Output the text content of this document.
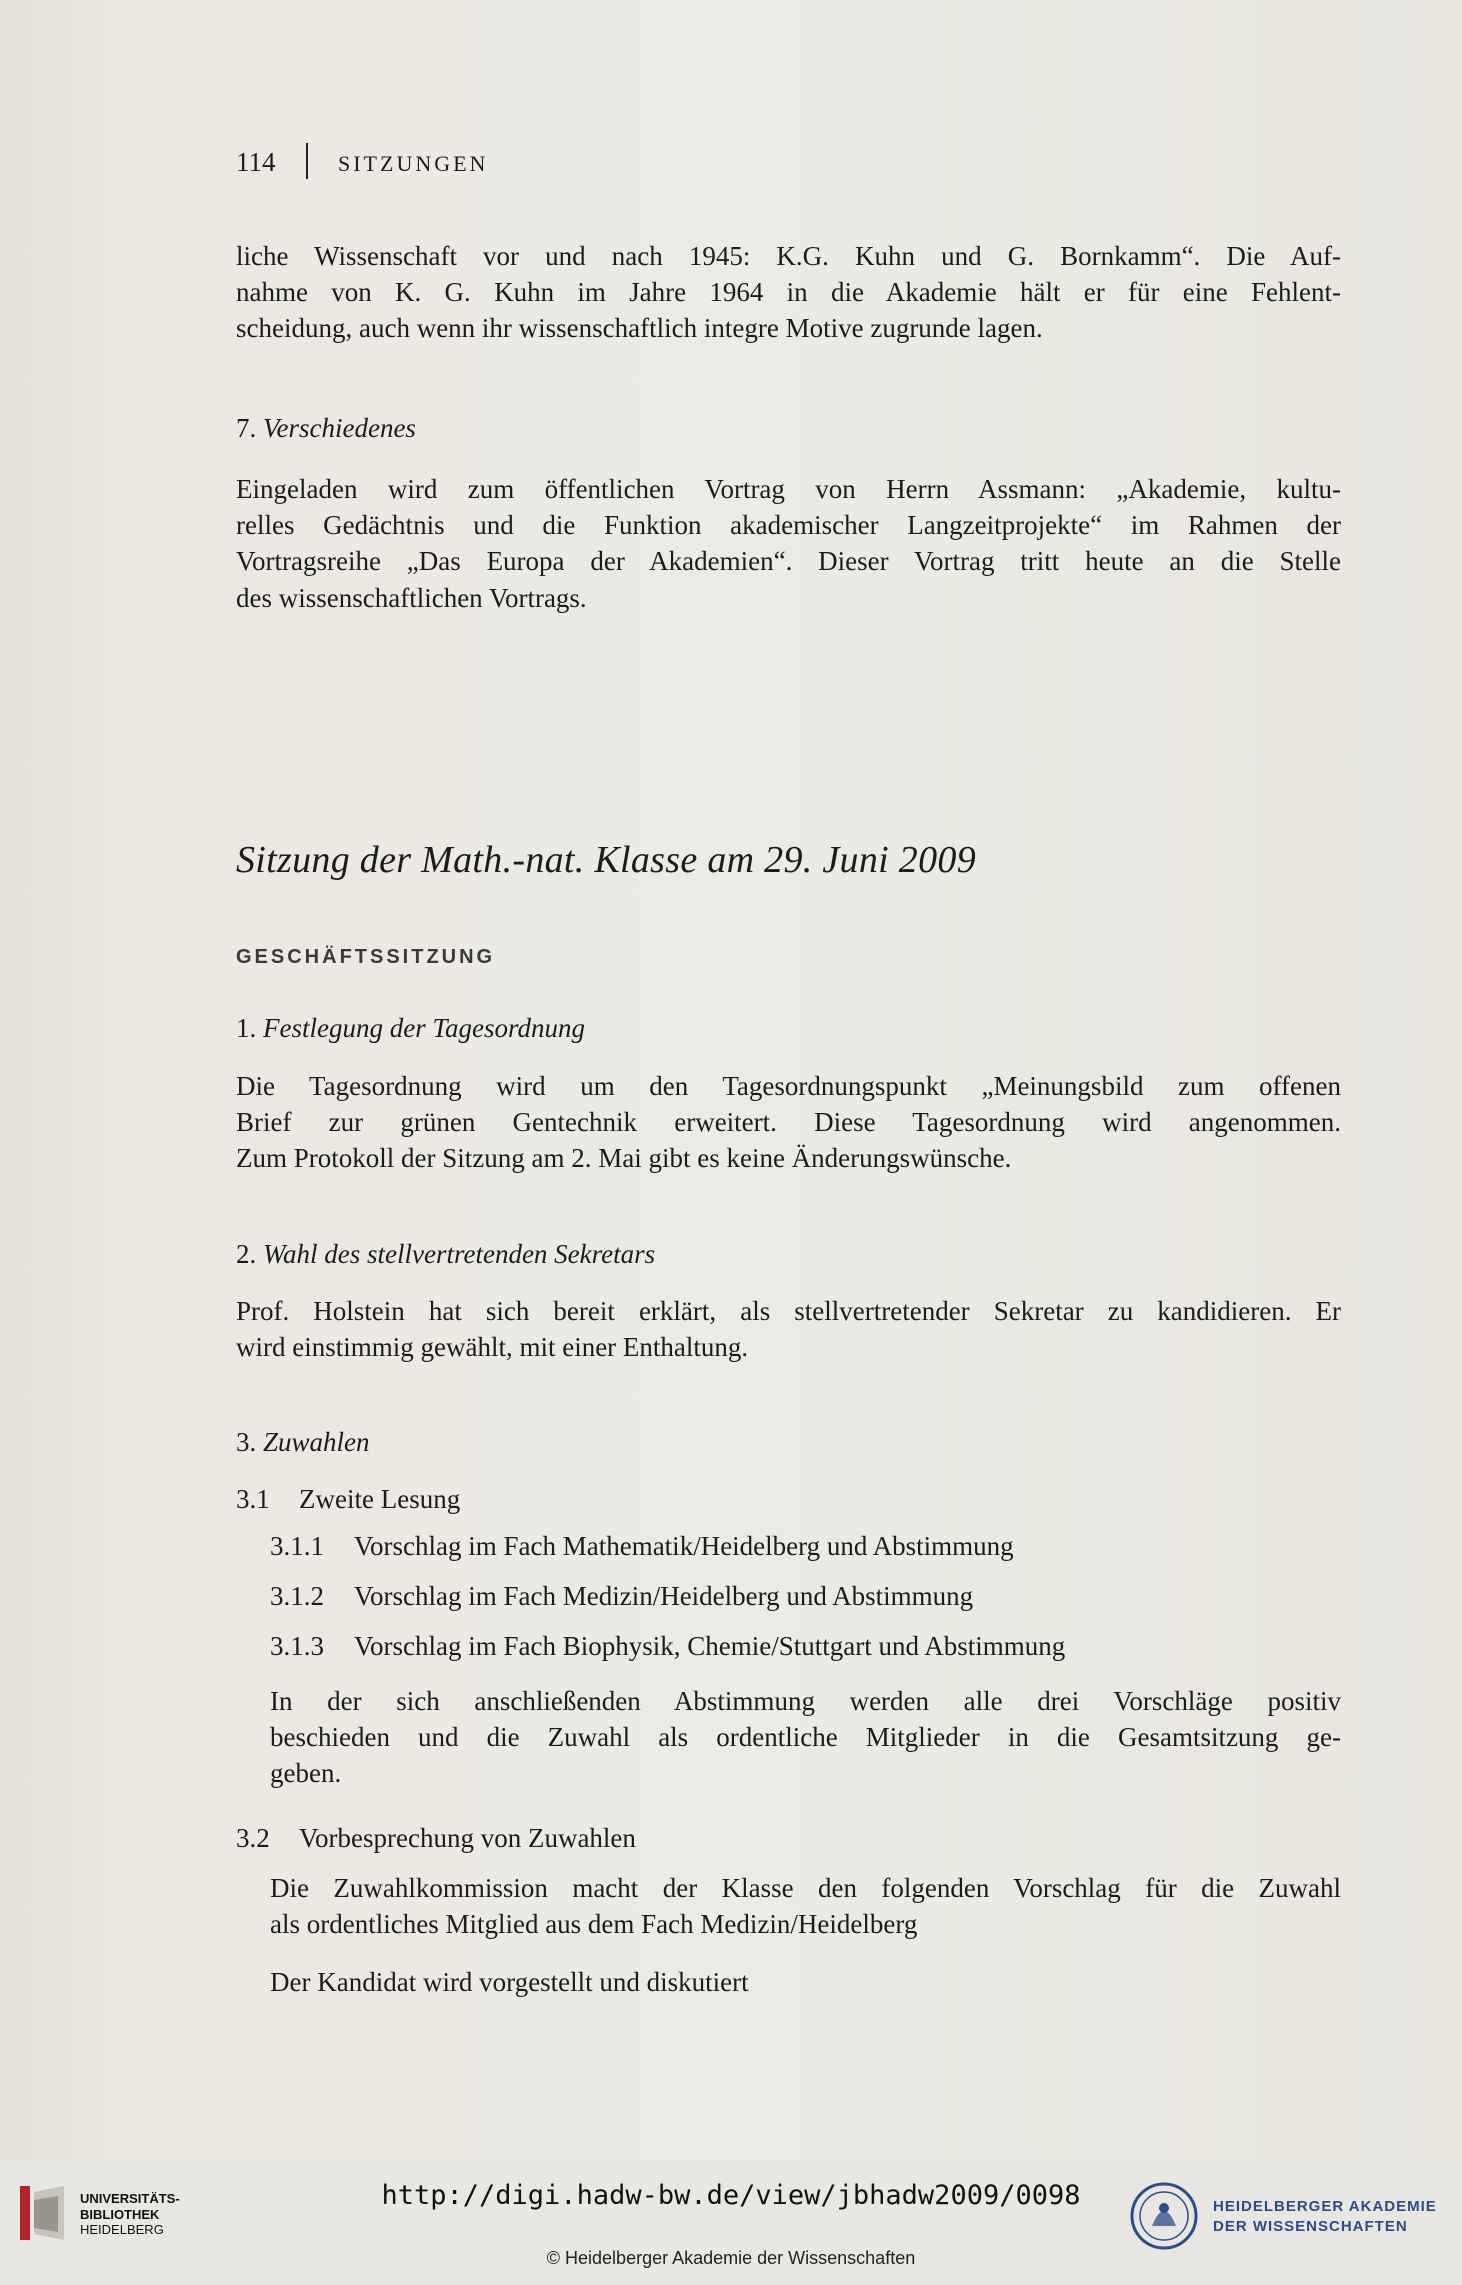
114	SITZUNGEN
liche Wissenschaft vor und nach 1945: K.G. Kuhn und G. Bornkamm“. Die Auf-
nahme von K. G. Kuhn im Jahre 1964 in die Akademie hält er für eine Fehlent-
scheidung, auch wenn ihr wissenschaftlich integre Motive zugrunde lagen.
7. Verschiedenes
Eingeladen wird zum öffentlichen Vortrag von Herrn Assmann: „Akademie, kultu-
relles Gedächtnis und die Funktion akademischer Langzeitprojekte“ im Rahmen der
Vortragsreihe „Das Europa der Akademien“. Dieser Vortrag tritt heute an die Stelle
des wissenschaftlichen Vortrags.
Sitzung der Math.-nat. Klasse am 29. Juni 2009
GESCHÄFTSSITZUNG
1. Festlegung der Tagesordnung
Die Tagesordnung wird um den Tagesordnungspunkt „Meinungsbild zum offenen
Brief zur grünen Gentechnik erweitert. Diese Tagesordnung wird angenommen.
Zum Protokoll der Sitzung am 2. Mai gibt es keine Änderungswünsche.
2. Wahl des stellvertretenden Sekretars
Prof. Holstein hat sich bereit erklärt, als stellvertretender Sekretar zu kandidieren. Er
wird einstimmig gewählt, mit einer Enthaltung.
3. Zuwahlen
3.1 Zweite Lesung
3.1.1 Vorschlag im Fach Mathematik/Heidelberg und Abstimmung
3.1.2 Vorschlag im Fach Medizin/Heidelberg und Abstimmung
3.1.3 Vorschlag im Fach Biophysik, Chemie/Stuttgart und Abstimmung
In der sich anschließenden Abstimmung werden alle drei Vorschläge positiv
beschieden und die Zuwahl als ordentliche Mitglieder in die Gesamtsitzung ge-
geben.
3.2 Vorbesprechung von Zuwahlen
Die Zuwahlkommission macht der Klasse den folgenden Vorschlag für die Zuwahl
als ordentliches Mitglied aus dem Fach Medizin/Heidelberg
Der Kandidat wird vorgestellt und diskutiert
UNIVERSITÄTS-
BIBLIOTHEK
HEIDELBERG
http://digi.hadw-bw.de/view/jbhadw2009/0098
© Heidelberger Akademie der Wissenschaften
HEIDELBERGER AKADEMIE
DER WISSENSCHAFTEN
